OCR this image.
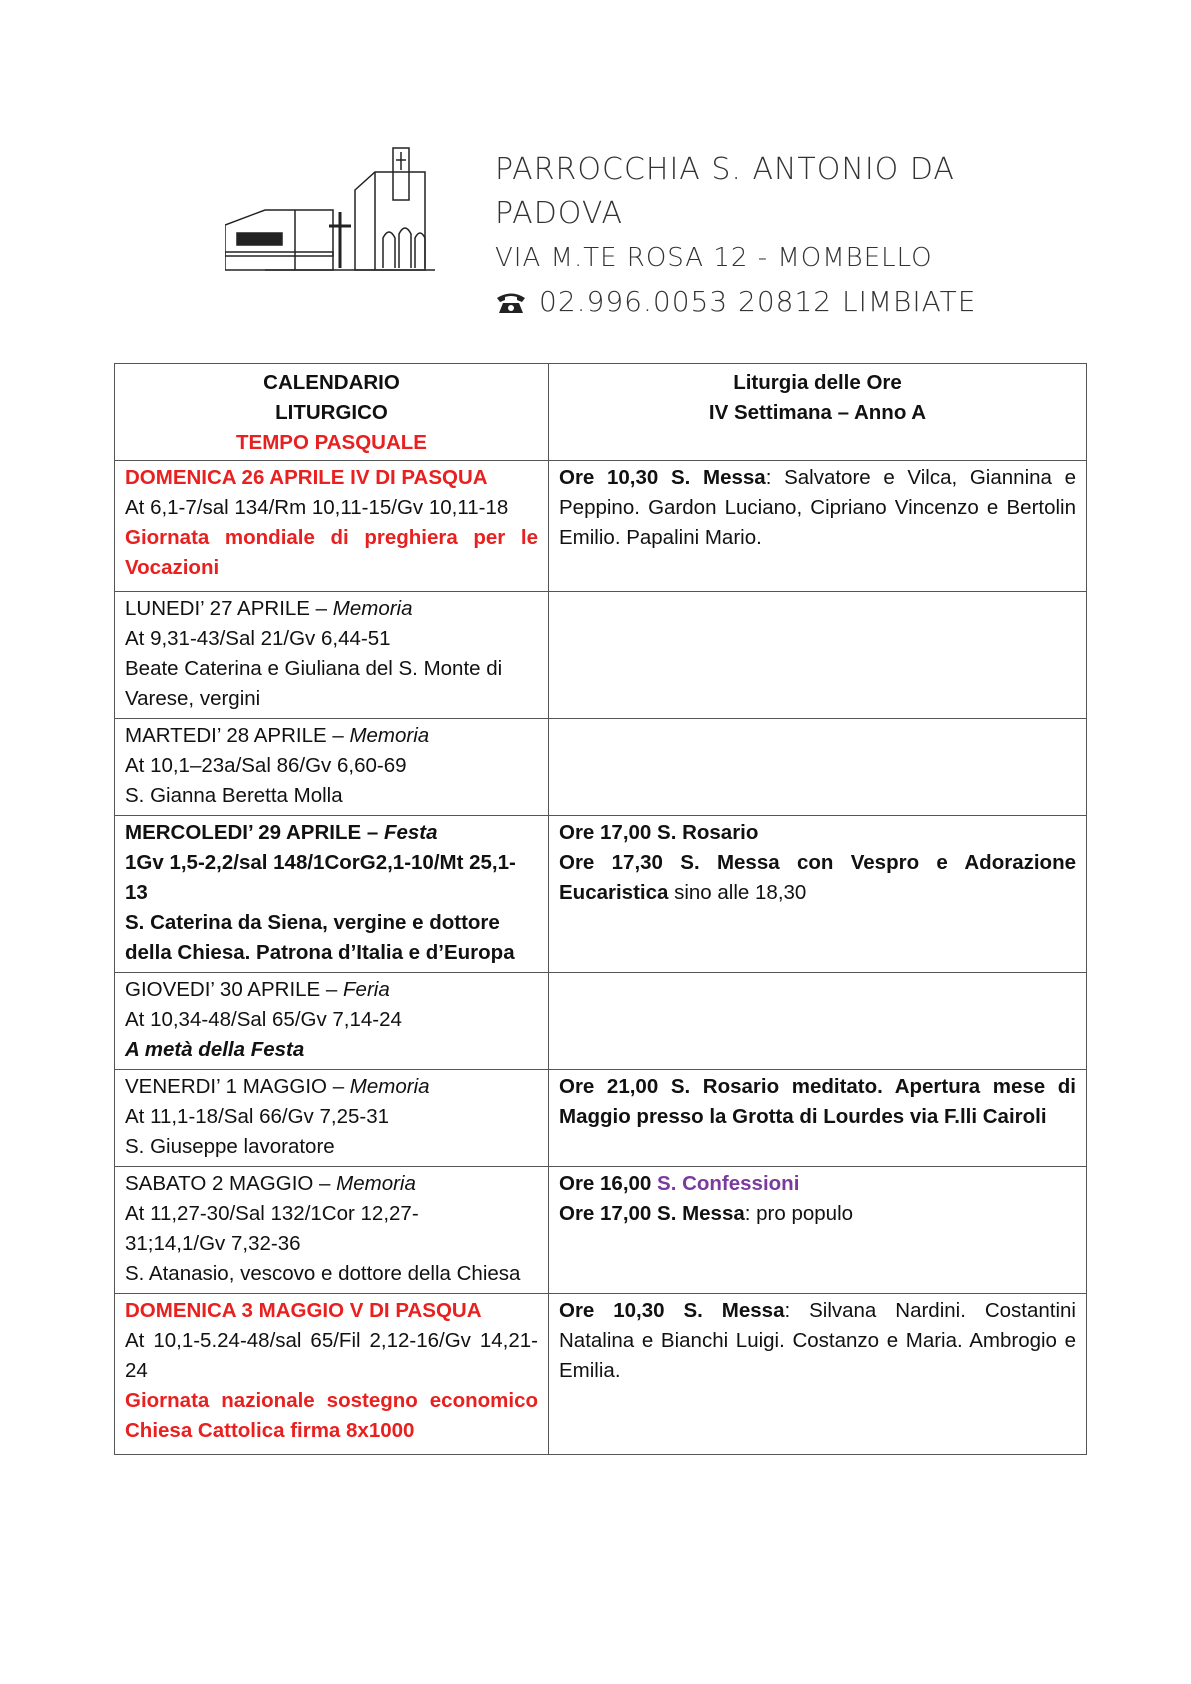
PARROCCHIA S. ANTONIO DA PADOVA
VIA M.TE ROSA 12 - MOMBELLO
02.996.0053 20812 LIMBIATE
CALENDARIO
LITURGICO
TEMPO PASQUALE	Liturgia delle Ore
IV Settimana – Anno A

DOMENICA 26 APRILE IV DI PASQUA
At 6,1-7/sal 134/Rm 10,11-15/Gv 10,11-18
Giornata mondiale di preghiera per le Vocazioni	Ore 10,30 S. Messa: Salvatore e Vilca, Giannina e Peppino. Gardon Luciano, Cipriano Vincenzo e Bertolin Emilio. Papalini Mario.

LUNEDI’ 27 APRILE – Memoria
At 9,31-43/Sal 21/Gv 6,44-51
Beate Caterina e Giuliana del S. Monte di Varese, vergini	

MARTEDI’ 28 APRILE – Memoria
At 10,1–23a/Sal 86/Gv 6,60-69
S. Gianna Beretta Molla	

MERCOLEDI’ 29 APRILE – Festa
1Gv 1,5-2,2/sal 148/1CorG2,1-10/Mt 25,1-13
S. Caterina da Siena, vergine e dottore della Chiesa. Patrona d’Italia e d’Europa	Ore 17,00 S. Rosario
Ore 17,30 S. Messa con Vespro e Adorazione Eucaristica sino alle 18,30

GIOVEDI’ 30 APRILE – Feria
At 10,34-48/Sal 65/Gv 7,14-24
A metà della Festa	

VENERDI’ 1 MAGGIO – Memoria
At 11,1-18/Sal 66/Gv 7,25-31
S. Giuseppe lavoratore	Ore 21,00 S. Rosario meditato. Apertura mese di Maggio presso la Grotta di Lourdes via F.lli Cairoli

SABATO 2 MAGGIO – Memoria
At 11,27-30/Sal 132/1Cor 12,27-
31;14,1/Gv 7,32-36
S. Atanasio, vescovo e dottore della Chiesa	Ore 16,00 S. Confessioni
Ore 17,00 S. Messa: pro populo

DOMENICA 3 MAGGIO V DI PASQUA
At 10,1-5.24-48/sal 65/Fil 2,12-16/Gv 14,21-24
Giornata nazionale sostegno economico Chiesa Cattolica firma 8x1000	Ore 10,30 S. Messa: Silvana Nardini. Costantini Natalina e Bianchi Luigi. Costanzo e Maria. Ambrogio e Emilia.
